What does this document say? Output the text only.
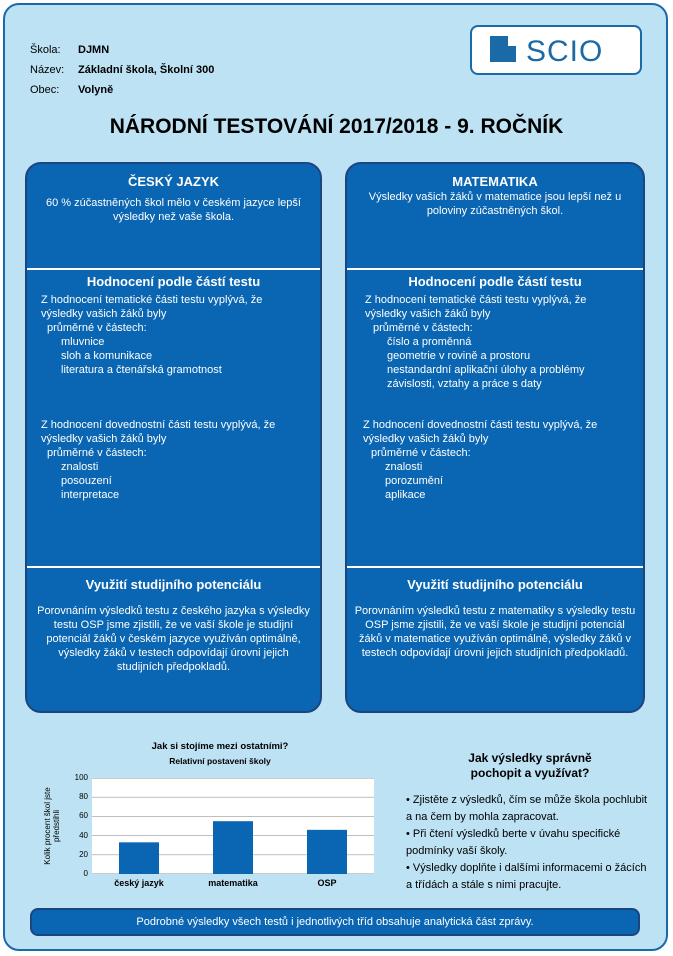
Škola:	DJMN
Název:	Základní škola, Školní 300
Obec:	Volyně
SCIO
NÁRODNÍ TESTOVÁNÍ 2017/2018 - 9. ROČNÍK
ČESKÝ JAZYK
60 % zúčastněných škol mělo v českém jazyce lepší výsledky než vaše škola.
Hodnocení podle částí testu
Z hodnocení tematické části testu vyplývá, že
výsledky vašich žáků byly
průměrné v částech:
mluvnice
sloh a komunikace
literatura a čtenářská gramotnost
Z hodnocení dovednostní části testu vyplývá, že
výsledky vašich žáků byly
průměrné v částech:
znalosti
posouzení
interpretace
Využití studijního potenciálu
Porovnáním výsledků testu z českého jazyka s výsledky testu OSP jsme zjistili, že ve vaší škole je studijní potenciál žáků v českém jazyce využíván optimálně, výsledky žáků v testech odpovídají úrovni jejich studijních předpokladů.
MATEMATIKA
Výsledky vašich žáků v matematice jsou lepší než u poloviny zúčastněných škol.
Hodnocení podle částí testu
Z hodnocení tematické části testu vyplývá, že
výsledky vašich žáků byly
průměrné v částech:
číslo a proměnná
geometrie v rovině a prostoru
nestandardní aplikační úlohy a problémy
závislosti, vztahy a práce s daty
Z hodnocení dovednostní části testu vyplývá, že
výsledky vašich žáků byly
průměrné v částech:
znalosti
porozumění
aplikace
Využití studijního potenciálu
Porovnáním výsledků testu z matematiky s výsledky testu OSP jsme zjistili, že ve vaší škole je studijní potenciál žáků v matematice využíván optimálně, výsledky žáků v testech odpovídají úrovni jejich studijních předpokladů.
Jak si stojíme mezi ostatními?
Relativní postavení školy
Kolik procent škol jste předstihli
0
20
40
60
80
100
český jazyk	matematika	OSP
Jak výsledky správně
pochopit a využívat?
• Zjistěte z výsledků, čím se může škola pochlubit a na čem by mohla zapracovat.
• Při čtení výsledků berte v úvahu specifické podmínky vaší školy.
• Výsledky doplňte i dalšími informacemi o žácích a třídách a stále s nimi pracujte.
Podrobné výsledky všech testů i jednotlivých tříd obsahuje analytická část zprávy.
